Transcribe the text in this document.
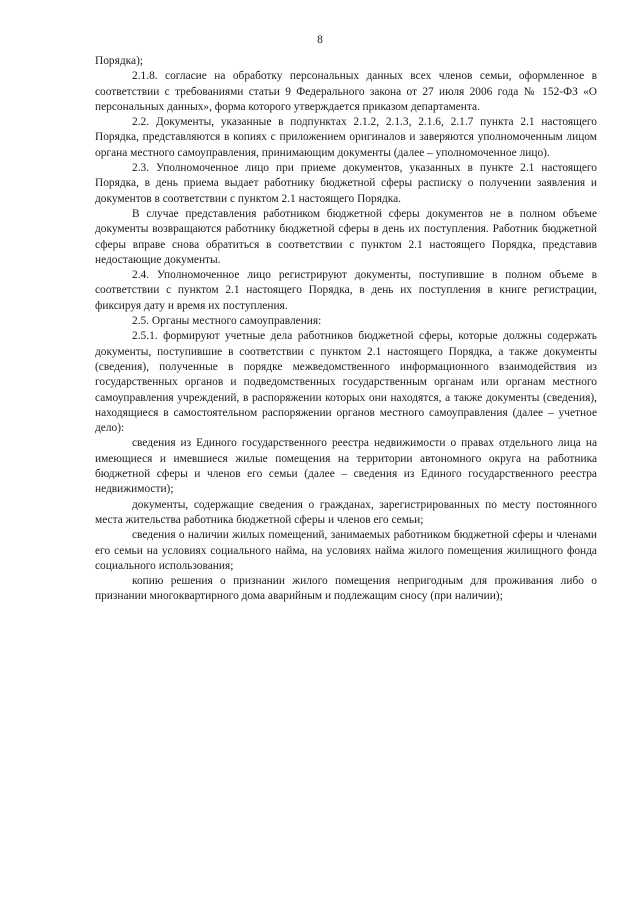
8

Порядка);

2.1.8. согласие на обработку персональных данных всех членов семьи, оформленное в соответствии с требованиями статьи 9 Федерального закона от 27 июля 2006 года № 152-ФЗ «О персональных данных», форма которого утверждается приказом департамента.

2.2. Документы, указанные в подпунктах 2.1.2, 2.1.3, 2.1.6, 2.1.7 пункта 2.1 настоящего Порядка, представляются в копиях с приложением оригиналов и заверяются уполномоченным лицом органа местного самоуправления, принимающим документы (далее – уполномоченное лицо).

2.3. Уполномоченное лицо при приеме документов, указанных в пункте 2.1 настоящего Порядка, в день приема выдает работнику бюджетной сферы расписку о получении заявления и документов в соответствии с пунктом 2.1 настоящего Порядка.

В случае представления работником бюджетной сферы документов не в полном объеме документы возвращаются работнику бюджетной сферы в день их поступления. Работник бюджетной сферы вправе снова обратиться в соответствии с пунктом 2.1 настоящего Порядка, представив недостающие документы.

2.4. Уполномоченное лицо регистрируют документы, поступившие в полном объеме в соответствии с пунктом 2.1 настоящего Порядка, в день их поступления в книге регистрации, фиксируя дату и время их поступления.

2.5. Органы местного самоуправления:

2.5.1. формируют учетные дела работников бюджетной сферы, которые должны содержать документы, поступившие в соответствии с пунктом 2.1 настоящего Порядка, а также документы (сведения), полученные в порядке межведомственного информационного взаимодействия из государственных органов и подведомственных государственным органам или органам местного самоуправления учреждений, в распоряжении которых они находятся, а также документы (сведения), находящиеся в самостоятельном распоряжении органов местного самоуправления (далее – учетное дело):

сведения из Единого государственного реестра недвижимости о правах отдельного лица на имеющиеся и имевшиеся жилые помещения на территории автономного округа на работника бюджетной сферы и членов его семьи (далее – сведения из Единого государственного реестра недвижимости);

документы, содержащие сведения о гражданах, зарегистрированных по месту постоянного места жительства работника бюджетной сферы и членов его семьи;

сведения о наличии жилых помещений, занимаемых работником бюджетной сферы и членами его семьи на условиях социального найма, на условиях найма жилого помещения жилищного фонда социального использования;

копию решения о признании жилого помещения непригодным для проживания либо о признании многоквартирного дома аварийным и подлежащим сносу (при наличии);
